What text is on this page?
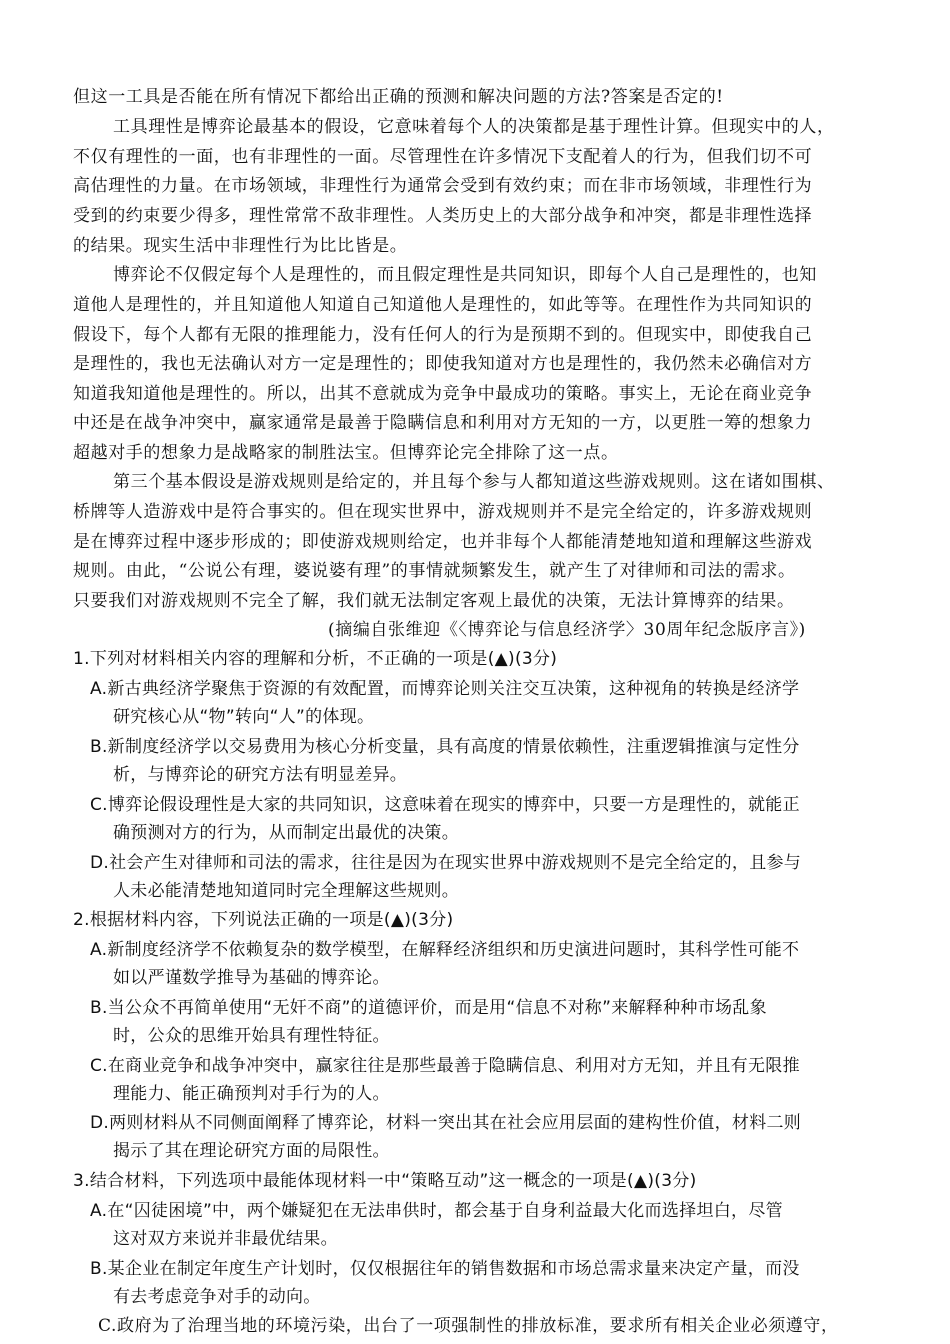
但这一工具是否能在所有情况下都给出正确的预测和解决问题的方法?答案是否定的!
工具理性是博弈论最基本的假设，它意味着每个人的决策都是基于理性计算。但现实中的人，
不仅有理性的一面，也有非理性的一面。尽管理性在许多情况下支配着人的行为，但我们切不可
高估理性的力量。在市场领域，非理性行为通常会受到有效约束；而在非市场领域，非理性行为
受到的约束要少得多，理性常常不敌非理性。人类历史上的大部分战争和冲突，都是非理性选择
的结果。现实生活中非理性行为比比皆是。
博弈论不仅假定每个人是理性的，而且假定理性是共同知识，即每个人自己是理性的，也知
道他人是理性的，并且知道他人知道自己知道他人是理性的，如此等等。在理性作为共同知识的
假设下，每个人都有无限的推理能力，没有任何人的行为是预期不到的。但现实中，即使我自己
是理性的，我也无法确认对方一定是理性的；即使我知道对方也是理性的，我仍然未必确信对方
知道我知道他是理性的。所以，出其不意就成为竞争中最成功的策略。事实上，无论在商业竞争
中还是在战争冲突中，赢家通常是最善于隐瞒信息和利用对方无知的一方，以更胜一筹的想象力
超越对手的想象力是战略家的制胜法宝。但博弈论完全排除了这一点。
第三个基本假设是游戏规则是给定的，并且每个参与人都知道这些游戏规则。这在诸如围棋、
桥牌等人造游戏中是符合事实的。但在现实世界中，游戏规则并不是完全给定的，许多游戏规则
是在博弈过程中逐步形成的；即使游戏规则给定，也并非每个人都能清楚地知道和理解这些游戏
规则。由此，“公说公有理，婆说婆有理”的事情就频繁发生，就产生了对律师和司法的需求。
只要我们对游戏规则不完全了解，我们就无法制定客观上最优的决策，无法计算博弈的结果。
(摘编自张维迎《〈博弈论与信息经济学〉30周年纪念版序言》)
1.下列对材料相关内容的理解和分析，不正确的一项是(▲)(3分)
A.新古典经济学聚焦于资源的有效配置，而博弈论则关注交互决策，这种视角的转换是经济学
研究核心从“物”转向“人”的体现。
B.新制度经济学以交易费用为核心分析变量，具有高度的情景依赖性，注重逻辑推演与定性分
析，与博弈论的研究方法有明显差异。
C.博弈论假设理性是大家的共同知识，这意味着在现实的博弈中，只要一方是理性的，就能正
确预测对方的行为，从而制定出最优的决策。
D.社会产生对律师和司法的需求，往往是因为在现实世界中游戏规则不是完全给定的，且参与
人未必能清楚地知道同时完全理解这些规则。
2.根据材料内容，下列说法正确的一项是(▲)(3分)
A.新制度经济学不依赖复杂的数学模型，在解释经济组织和历史演进问题时，其科学性可能不
如以严谨数学推导为基础的博弈论。
B.当公众不再简单使用“无奸不商”的道德评价，而是用“信息不对称”来解释种种市场乱象
时，公众的思维开始具有理性特征。
C.在商业竞争和战争冲突中，赢家往往是那些最善于隐瞒信息、利用对方无知，并且有无限推
理能力、能正确预判对手行为的人。
D.两则材料从不同侧面阐释了博弈论，材料一突出其在社会应用层面的建构性价值，材料二则
揭示了其在理论研究方面的局限性。
3.结合材料，下列选项中最能体现材料一中“策略互动”这一概念的一项是(▲)(3分)
A.在“囚徒困境”中，两个嫌疑犯在无法串供时，都会基于自身利益最大化而选择坦白，尽管
这对双方来说并非最优结果。
B.某企业在制定年度生产计划时，仅仅根据往年的销售数据和市场总需求量来决定产量，而没
有去考虑竞争对手的动向。
C.政府为了治理当地的环境污染，出台了一项强制性的排放标准，要求所有相关企业必须遵守，
